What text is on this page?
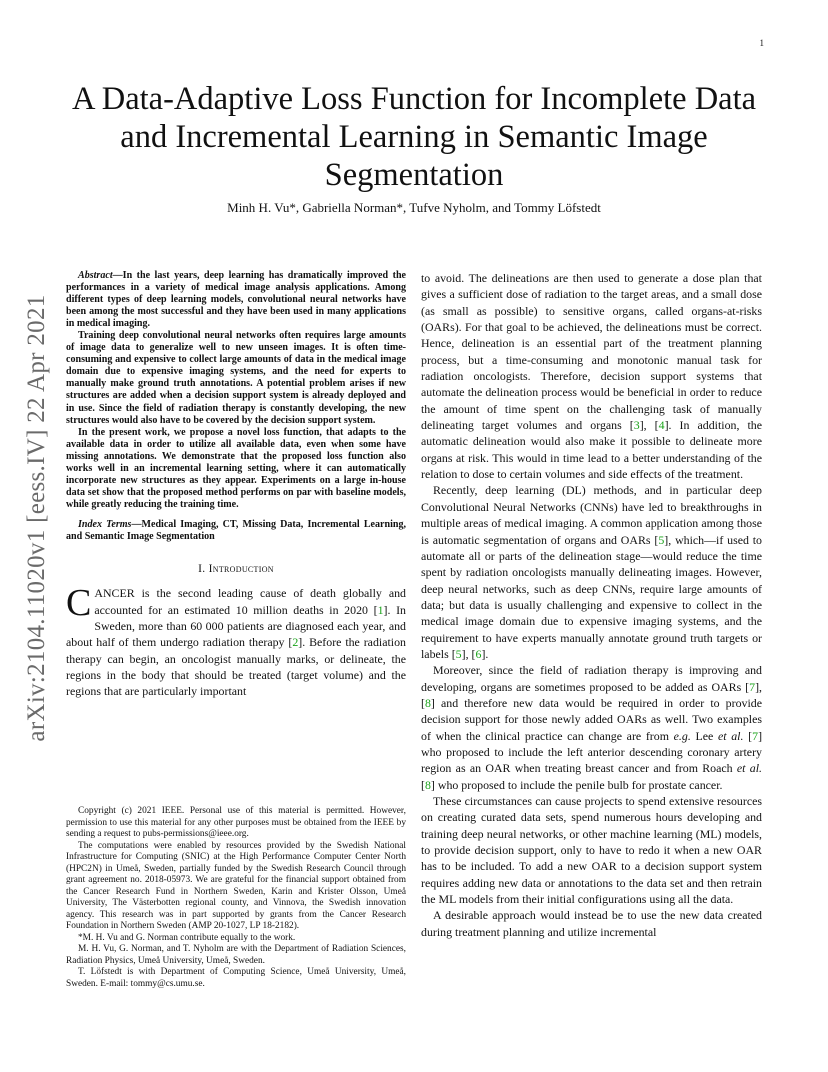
1
arXiv:2104.11020v1 [eess.IV] 22 Apr 2021
A Data-Adaptive Loss Function for Incomplete Data and Incremental Learning in Semantic Image Segmentation
Minh H. Vu*, Gabriella Norman*, Tufve Nyholm, and Tommy Löfstedt

Abstract—In the last years, deep learning has dramatically improved the performances in a variety of medical image analysis applications. Among different types of deep learning models, convolutional neural networks have been among the most successful and they have been used in many applications in medical imaging.

Training deep convolutional neural networks often requires large amounts of image data to generalize well to new unseen images. It is often time-consuming and expensive to collect large amounts of data in the medical image domain due to expensive imaging systems, and the need for experts to manually make ground truth annotations. A potential problem arises if new structures are added when a decision support system is already deployed and in use. Since the field of radiation therapy is constantly developing, the new structures would also have to be covered by the decision support system.

In the present work, we propose a novel loss function, that adapts to the available data in order to utilize all available data, even when some have missing annotations. We demonstrate that the proposed loss function also works well in an incremental learning setting, where it can automatically incorporate new structures as they appear. Experiments on a large in-house data set show that the proposed method performs on par with baseline models, while greatly reducing the training time.

Index Terms—Medical Imaging, CT, Missing Data, Incremental Learning, and Semantic Image Segmentation
I. Introduction

CANCER is the second leading cause of death globally and accounted for an estimated 10 million deaths in 2020 [1]. In Sweden, more than 60 000 patients are diagnosed each year, and about half of them undergo radiation therapy [2]. Before the radiation therapy can begin, an oncologist manually marks, or delineate, the regions in the body that should be treated (target volume) and the regions that are particularly important

Copyright (c) 2021 IEEE. Personal use of this material is permitted. However, permission to use this material for any other purposes must be obtained from the IEEE by sending a request to pubs-permissions@ieee.org.

The computations were enabled by resources provided by the Swedish National Infrastructure for Computing (SNIC) at the High Performance Computer Center North (HPC2N) in Umeå, Sweden, partially funded by the Swedish Research Council through grant agreement no. 2018-05973. We are grateful for the financial support obtained from the Cancer Research Fund in Northern Sweden, Karin and Krister Olsson, Umeå University, The Västerbotten regional county, and Vinnova, the Swedish innovation agency. This research was in part supported by grants from the Cancer Research Foundation in Northern Sweden (AMP 20-1027, LP 18-2182).

*M. H. Vu and G. Norman contribute equally to the work.

M. H. Vu, G. Norman, and T. Nyholm are with the Department of Radiation Sciences, Radiation Physics, Umeå University, Umeå, Sweden.

T. Löfstedt is with Department of Computing Science, Umeå University, Umeå, Sweden. E-mail: tommy@cs.umu.se.

to avoid. The delineations are then used to generate a dose plan that gives a sufficient dose of radiation to the target areas, and a small dose (as small as possible) to sensitive organs, called organs-at-risks (OARs). For that goal to be achieved, the delineations must be correct. Hence, delineation is an essential part of the treatment planning process, but a time-consuming and monotonic manual task for radiation oncologists. Therefore, decision support systems that automate the delineation process would be beneficial in order to reduce the amount of time spent on the challenging task of manually delineating target volumes and organs [3], [4]. In addition, the automatic delineation would also make it possible to delineate more organs at risk. This would in time lead to a better understanding of the relation to dose to certain volumes and side effects of the treatment.

Recently, deep learning (DL) methods, and in particular deep Convolutional Neural Networks (CNNs) have led to breakthroughs in multiple areas of medical imaging. A common application among those is automatic segmentation of organs and OARs [5], which—if used to automate all or parts of the delineation stage—would reduce the time spent by radiation oncologists manually delineating images. However, deep neural networks, such as deep CNNs, require large amounts of data; but data is usually challenging and expensive to collect in the medical image domain due to expensive imaging systems, and the requirement to have experts manually annotate ground truth targets or labels [5], [6].

Moreover, since the field of radiation therapy is improving and developing, organs are sometimes proposed to be added as OARs [7], [8] and therefore new data would be required in order to provide decision support for those newly added OARs as well. Two examples of when the clinical practice can change are from e.g. Lee et al. [7] who proposed to include the left anterior descending coronary artery region as an OAR when treating breast cancer and from Roach et al. [8] who proposed to include the penile bulb for prostate cancer.

These circumstances can cause projects to spend extensive resources on creating curated data sets, spend numerous hours developing and training deep neural networks, or other machine learning (ML) models, to provide decision support, only to have to redo it when a new OAR has to be included. To add a new OAR to a decision support system requires adding new data or annotations to the data set and then retrain the ML models from their initial configurations using all the data.

A desirable approach would instead be to use the new data created during treatment planning and utilize incremental
